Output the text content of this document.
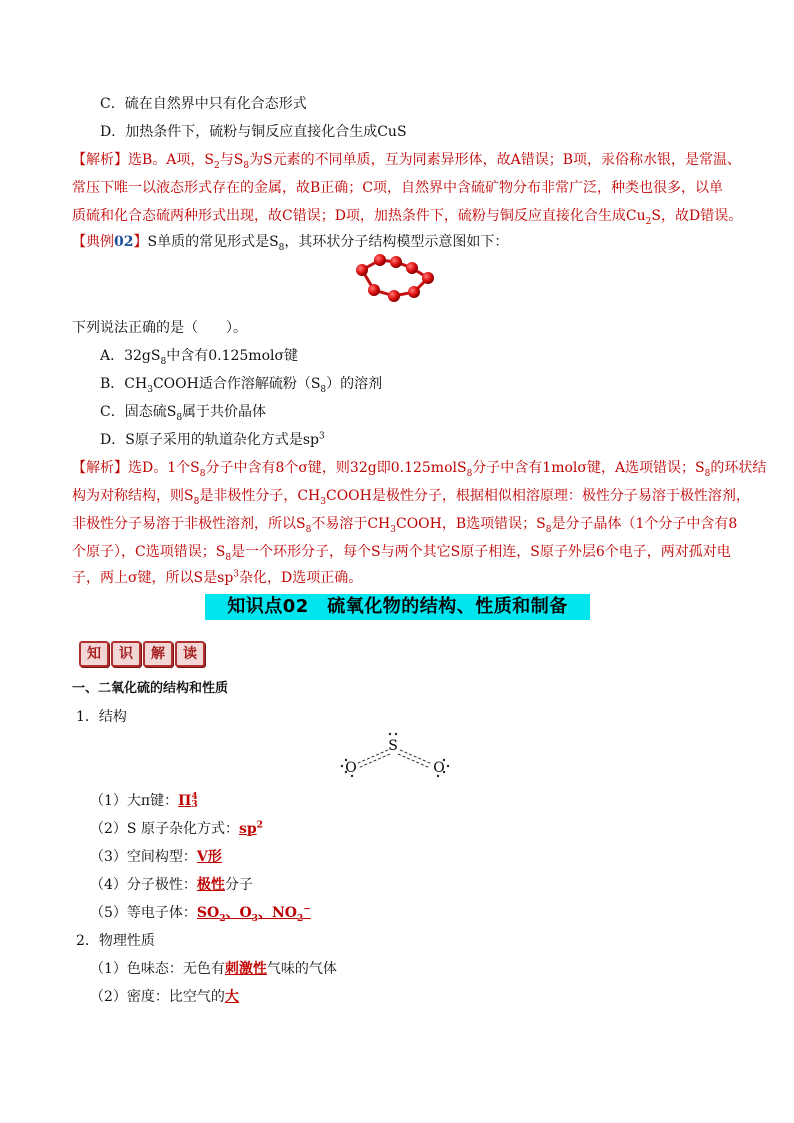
C．硫在自然界中只有化合态形式
D．加热条件下，硫粉与铜反应直接化合生成CuS
【解析】选B。A项，$S_2$与$S_8$为S元素的不同单质，互为同素异形体，故A错误；B项，汞俗称水银，是常温、
常压下唯一以液态形式存在的金属，故B正确；C项，自然界中含硫矿物分布非常广泛，种类也很多，以单
质硫和化合态硫两种形式出现，故C错误；D项，加热条件下，硫粉与铜反应直接化合生成$Cu_2S$，故D错误。
【典例02】S单质的常见形式是$S_8$，其环状分子结构模型示意图如下：
下列说法正确的是（　　）。
A．$32gS_8$中含有0.125molσ键
B．$CH_3COOH$适合作溶解硫粉$(S_8)$的溶剂
C．固态硫$S_8$属于共价晶体
D．S原子采用的轨道杂化方式是$sp^3$
【解析】选D。1个$S_8$分子中含有8个σ键，则32g即0.125molS$_8$分子中含有1molσ键，A选项错误；$S_8$的环状结
构为对称结构，则$S_8$是非极性分子，$CH_3COOH$是极性分子，根据相似相溶原理：极性分子易溶于极性溶剂，
非极性分子易溶于非极性溶剂，所以$S_8$不易溶于$CH_3COOH$，B选项错误；$S_8$是分子晶体（1个分子中含有8
个原子），C选项错误；$S_8$是一个环形分子，每个S与两个其它S原子相连，S原子外层6个电子，两对孤对电
子，两上σ键，所以S是$sp^3$杂化，D选项正确。
知识点02　硫氧化物的结构、性质和制备
知	识	解	读
一、二氧化硫的结构和性质
1．结构
S
O	O
（1）大π键：Π 4
3
（2）S 原子杂化方式：$sp^2$
（3）空间构型：V形
（4）分子极性：极性分子
（5）等电子体：$SO_2$、$O_3$、$NO_2^-$
2．物理性质
（1）色味态：无色有刺激性气味的气体
（2）密度：比空气的大
